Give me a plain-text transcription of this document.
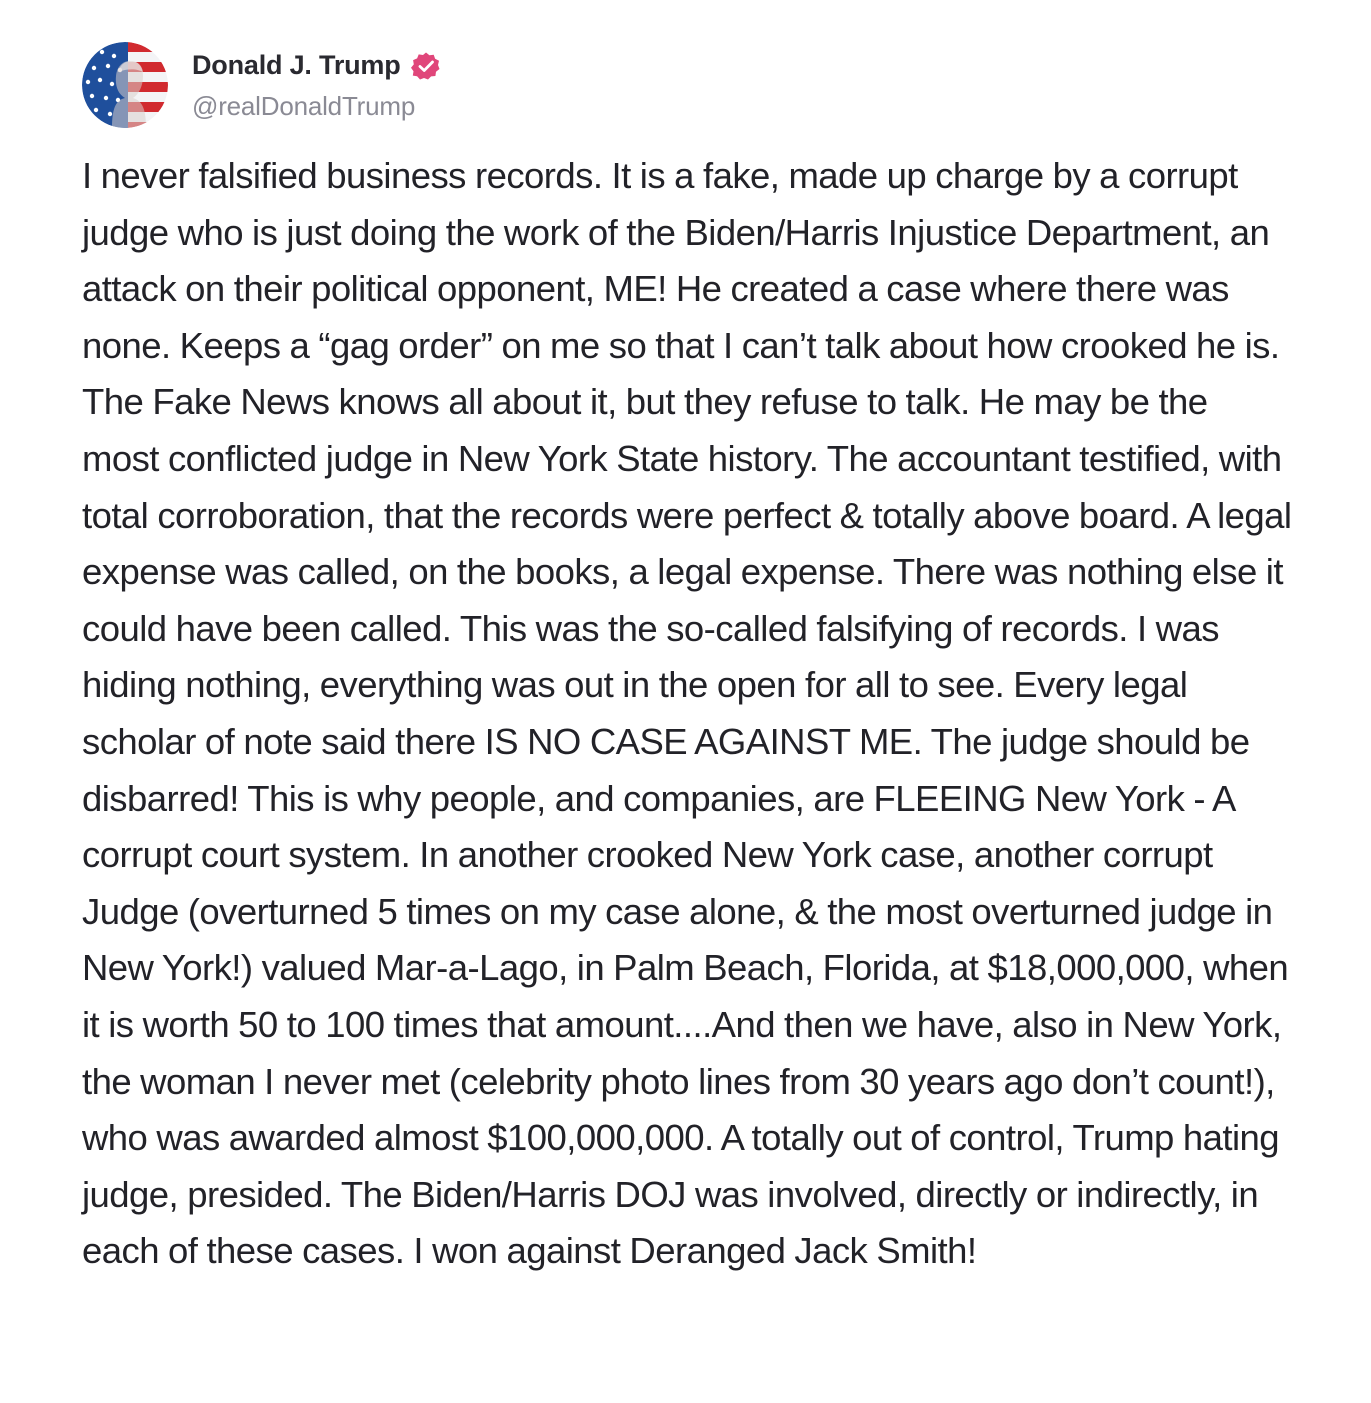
Donald J. Trump
@realDonaldTrump

I never falsified business records. It is a fake, made up charge by a corrupt judge who is just doing the work of the Biden/Harris Injustice Department, an attack on their political opponent, ME! He created a case where there was none. Keeps a “gag order” on me so that I can’t talk about how crooked he is. The Fake News knows all about it, but they refuse to talk. He may be the most conflicted judge in New York State history. The accountant testified, with total corroboration, that the records were perfect & totally above board. A legal expense was called, on the books, a legal expense. There was nothing else it could have been called. This was the so-called falsifying of records. I was hiding nothing, everything was out in the open for all to see. Every legal scholar of note said there IS NO CASE AGAINST ME. The judge should be disbarred! This is why people, and companies, are FLEEING New York - A corrupt court system. In another crooked New York case, another corrupt Judge (overturned 5 times on my case alone, & the most overturned judge in New York!) valued Mar-a-Lago, in Palm Beach, Florida, at $18,000,000, when it is worth 50 to 100 times that amount....And then we have, also in New York, the woman I never met (celebrity photo lines from 30 years ago don’t count!), who was awarded almost $100,000,000. A totally out of control, Trump hating judge, presided. The Biden/Harris DOJ was involved, directly or indirectly, in each of these cases. I won against Deranged Jack Smith!
